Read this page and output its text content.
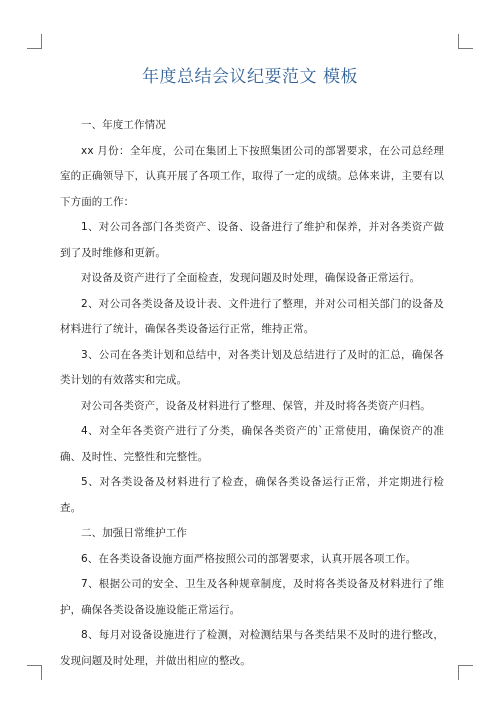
年度总结会议纪要范文 模板

一、年度工作情况

xx 月份：全年度，公司在集团上下按照集团公司的部署要求，在公司总经理室的正确领导下，认真开展了各项工作，取得了一定的成绩。总体来讲，主要有以下方面的工作：

1、对公司各部门各类资产、设备、设备进行了维护和保养，并对各类资产做到了及时维修和更新。

对设备及资产进行了全面检查，发现问题及时处理，确保设备正常运行。

2、对公司各类设备及设计表、文件进行了整理，并对公司相关部门的设备及材料进行了统计，确保各类设备运行正常，维持正常。

3、公司在各类计划和总结中，对各类计划及总结进行了及时的汇总，确保各类计划的有效落实和完成。

对公司各类资产，设备及材料进行了整理、保管，并及时将各类资产归档。

4、对全年各类资产进行了分类，确保各类资产的`正常使用，确保资产的准确、及时性、完整性和完整性。

5、对各类设备及材料进行了检查，确保各类设备运行正常，并定期进行检查。

二、加强日常维护工作

6、在各类设备设施方面严格按照公司的部署要求，认真开展各项工作。

7、根据公司的安全、卫生及各种规章制度，及时将各类设备及材料进行了维护，确保各类设备设施设能正常运行。

8、每月对设备设施进行了检测，对检测结果与各类结果不及时的进行整改，发现问题及时处理，并做出相应的整改。
